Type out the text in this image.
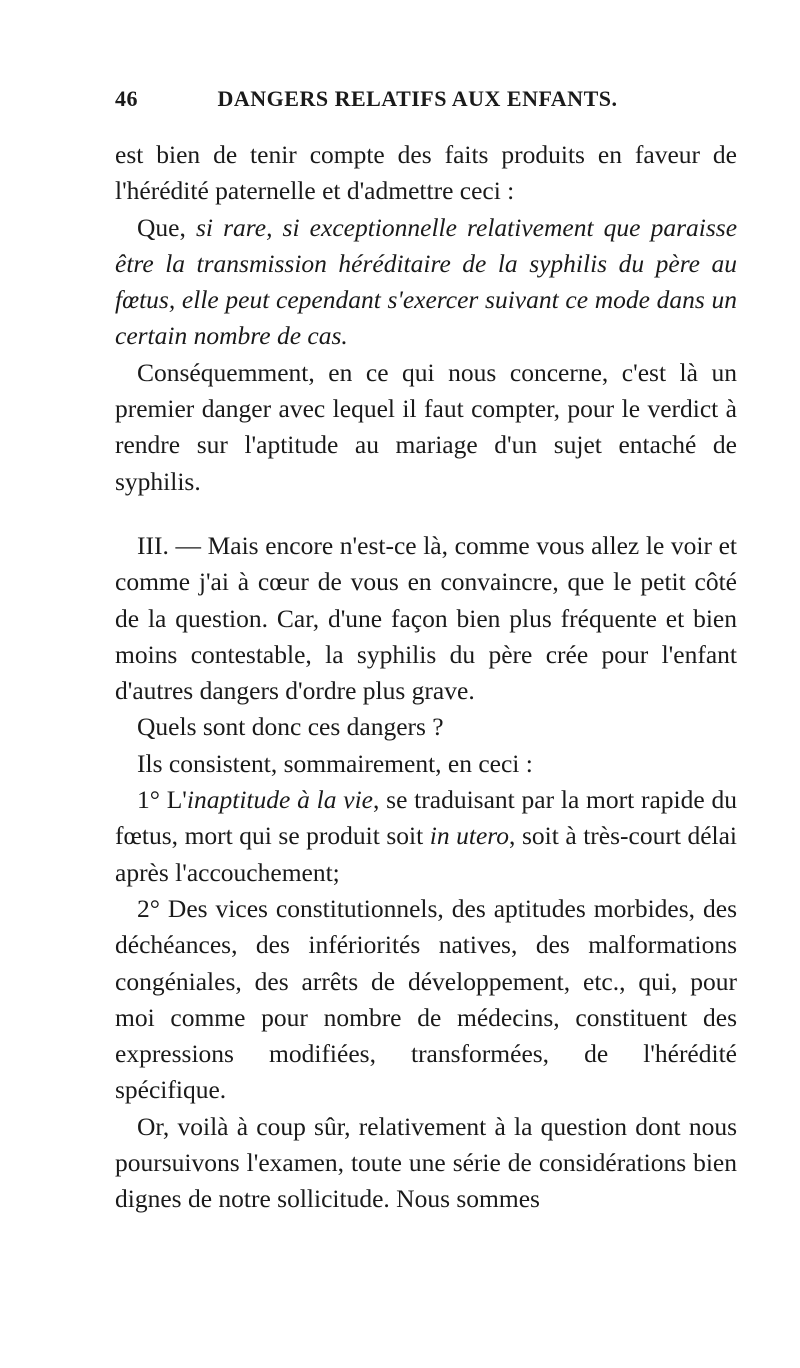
46	DANGERS RELATIFS AUX ENFANTS.

est bien de tenir compte des faits produits en faveur de l'hérédité paternelle et d'admettre ceci :

Que, si rare, si exceptionnelle relativement que paraisse être la transmission héréditaire de la syphilis du père au fœtus, elle peut cependant s'exercer suivant ce mode dans un certain nombre de cas.

Conséquemment, en ce qui nous concerne, c'est là un premier danger avec lequel il faut compter, pour le verdict à rendre sur l'aptitude au mariage d'un sujet entaché de syphilis.

III. — Mais encore n'est-ce là, comme vous allez le voir et comme j'ai à cœur de vous en convaincre, que le petit côté de la question. Car, d'une façon bien plus fréquente et bien moins contestable, la syphilis du père crée pour l'enfant d'autres dangers d'ordre plus grave.

Quels sont donc ces dangers ?

Ils consistent, sommairement, en ceci :

1° L'inaptitude à la vie, se traduisant par la mort rapide du fœtus, mort qui se produit soit in utero, soit à très-court délai après l'accouchement;

2° Des vices constitutionnels, des aptitudes morbides, des déchéances, des infériorités natives, des malformations congéniales, des arrêts de développement, etc., qui, pour moi comme pour nombre de médecins, constituent des expressions modifiées, transformées, de l'hérédité spécifique.

Or, voilà à coup sûr, relativement à la question dont nous poursuivons l'examen, toute une série de considérations bien dignes de notre sollicitude. Nous sommes
